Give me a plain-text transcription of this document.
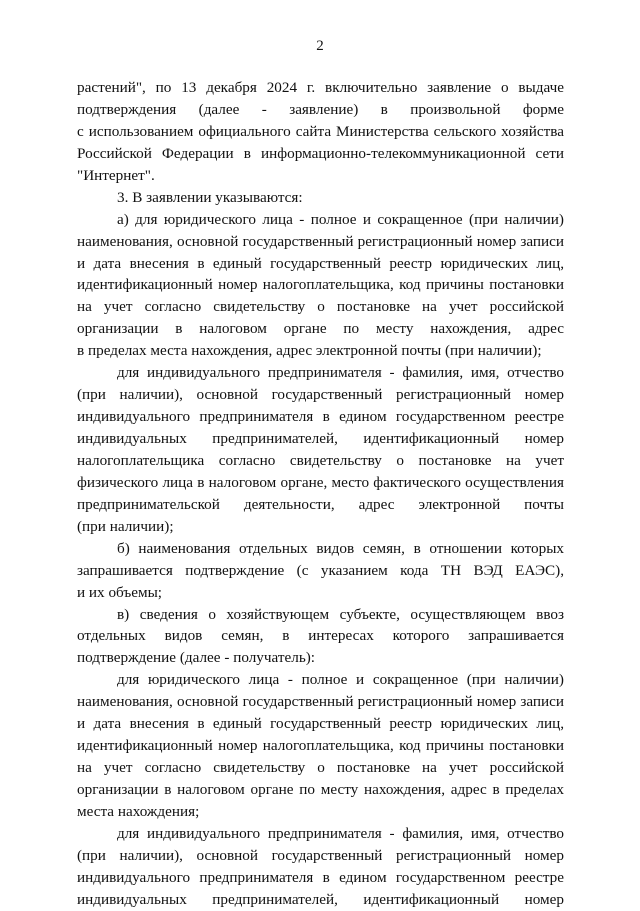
2
растений", по 13 декабря 2024 г. включительно заявление о выдаче
подтверждения (далее - заявление) в произвольной форме
с использованием официального сайта Министерства сельского хозяйства
Российской Федерации в информационно-телекоммуникационной сети
"Интернет".
3. В заявлении указываются:
а) для юридического лица - полное и сокращенное (при наличии)
наименования, основной государственный регистрационный номер записи
и дата внесения в единый государственный реестр юридических лиц,
идентификационный номер налогоплательщика, код причины постановки
на учет согласно свидетельству о постановке на учет российской
организации в налоговом органе по месту нахождения, адрес
в пределах места нахождения, адрес электронной почты (при наличии);
для индивидуального предпринимателя - фамилия, имя, отчество
(при наличии), основной государственный регистрационный номер
индивидуального предпринимателя в едином государственном реестре
индивидуальных предпринимателей, идентификационный номер
налогоплательщика согласно свидетельству о постановке на учет
физического лица в налоговом органе, место фактического осуществления
предпринимательской деятельности, адрес электронной почты
(при наличии);
б) наименования отдельных видов семян, в отношении которых
запрашивается подтверждение (с указанием кода ТН ВЭД ЕАЭС),
и их объемы;
в) сведения о хозяйствующем субъекте, осуществляющем ввоз
отдельных видов семян, в интересах которого запрашивается
подтверждение (далее - получатель):
для юридического лица - полное и сокращенное (при наличии)
наименования, основной государственный регистрационный номер записи
и дата внесения в единый государственный реестр юридических лиц,
идентификационный номер налогоплательщика, код причины постановки
на учет согласно свидетельству о постановке на учет российской
организации в налоговом органе по месту нахождения, адрес в пределах
места нахождения;
для индивидуального предпринимателя - фамилия, имя, отчество
(при наличии), основной государственный регистрационный номер
индивидуального предпринимателя в едином государственном реестре
индивидуальных предпринимателей, идентификационный номер
